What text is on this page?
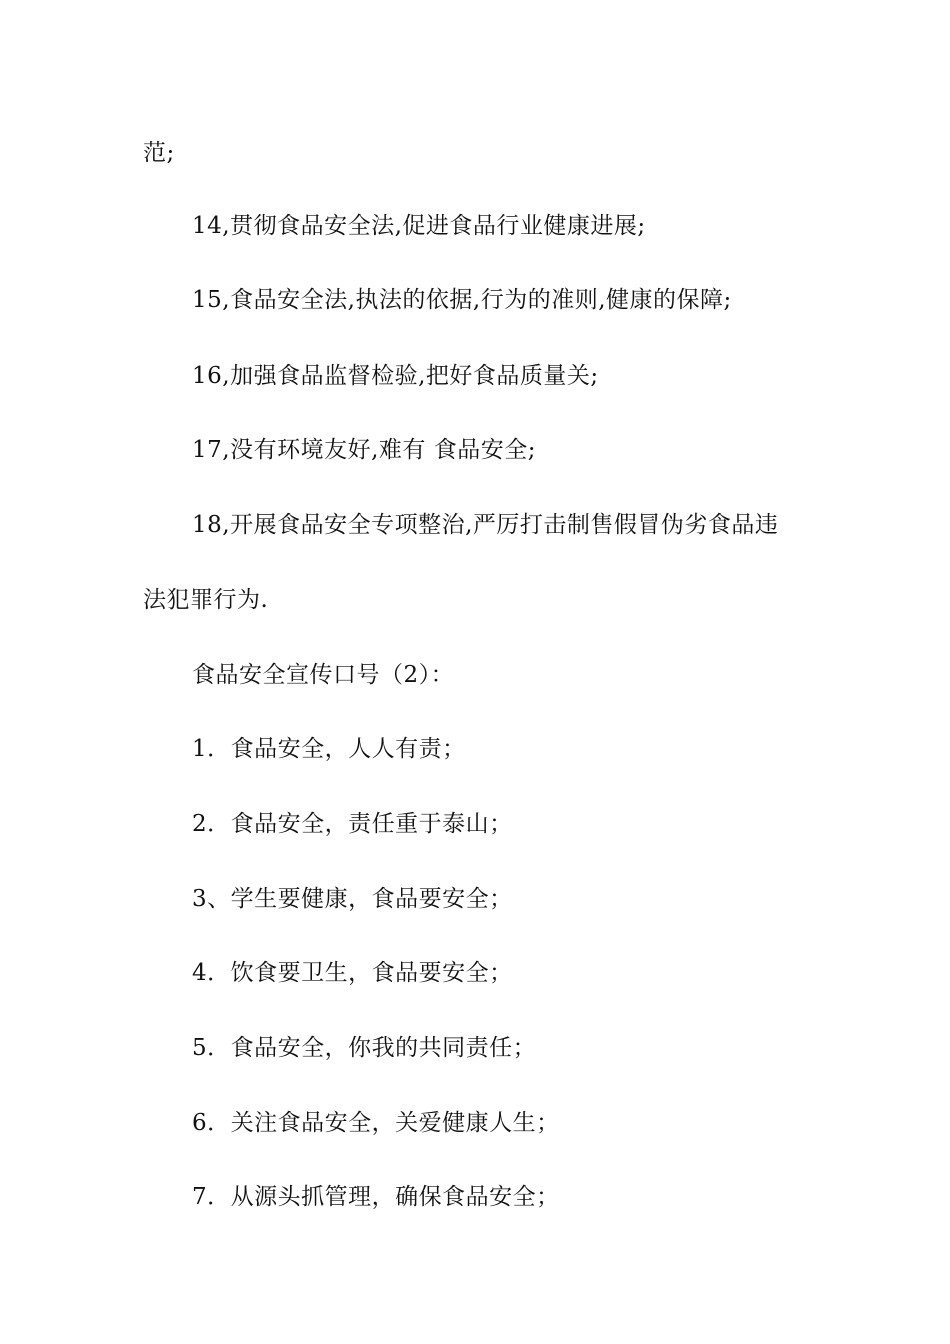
范;
14,贯彻食品安全法,促进食品行业健康进展;
15,食品安全法,执法的依据,行为的准则,健康的保障;
16,加强食品监督检验,把好食品质量关;
17,没有环境友好,难有 食品安全;
18,开展食品安全专项整治,严厉打击制售假冒伪劣食品违
法犯罪行为.
食品安全宣传口号（2）：
1．食品安全，人人有责；
2．食品安全，责任重于泰山；
3、学生要健康，食品要安全；
4．饮食要卫生，食品要安全；
5．食品安全，你我的共同责任；
6．关注食品安全，关爱健康人生；
7．从源头抓管理，确保食品安全；
